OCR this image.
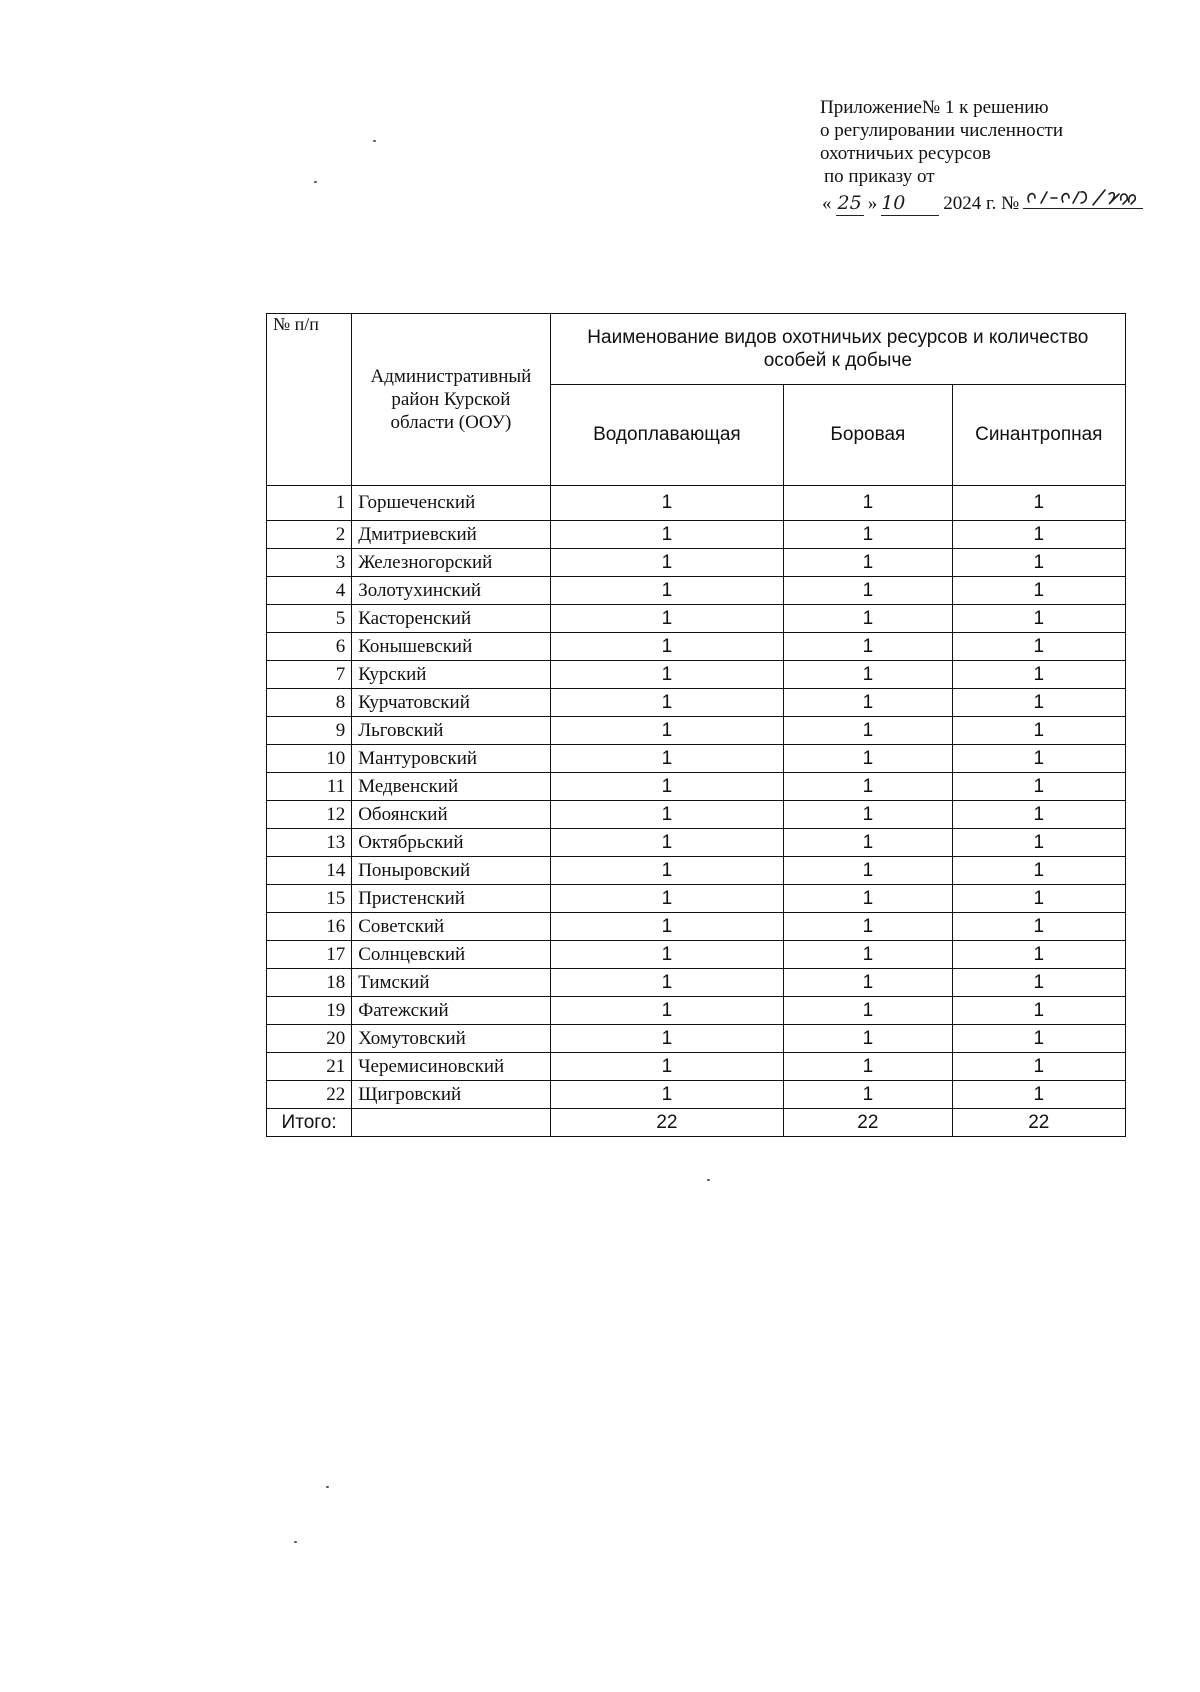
Приложение№ 1 к решению
о регулировании численности
охотничьих ресурсов
по приказу от
« 25 » 10	2024 г. №
№ п/п	Административный район Курской области (ООУ)	Наименование видов охотничьих ресурсов и количество особей к добыче		
		Водоплавающая	Боровая	Синантропная
1	Горшеченский	1	1	1
2	Дмитриевский	1	1	1
3	Железногорский	1	1	1
4	Золотухинский	1	1	1
5	Касторенский	1	1	1
6	Конышевский	1	1	1
7	Курский	1	1	1
8	Курчатовский	1	1	1
9	Льговский	1	1	1
10	Мантуровский	1	1	1
11	Медвенский	1	1	1
12	Обоянский	1	1	1
13	Октябрьский	1	1	1
14	Поныровский	1	1	1
15	Пристенский	1	1	1
16	Советский	1	1	1
17	Солнцевский	1	1	1
18	Тимский	1	1	1
19	Фатежский	1	1	1
20	Хомутовский	1	1	1
21	Черемисиновский	1	1	1
22	Щигровский	1	1	1
Итого:		22	22	22
